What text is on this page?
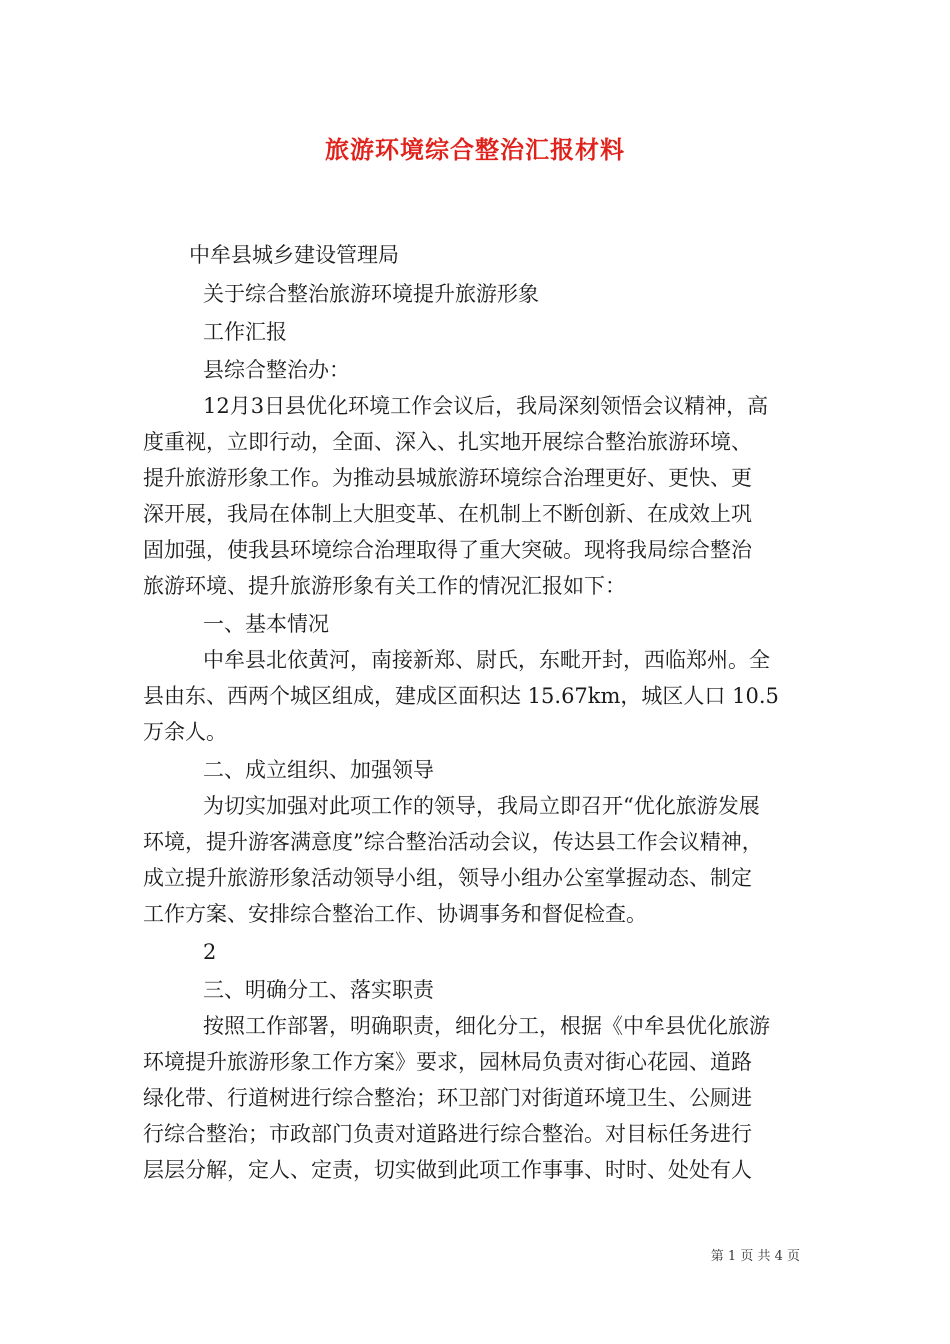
旅游环境综合整治汇报材料
中牟县城乡建设管理局
关于综合整治旅游环境提升旅游形象
工作汇报
县综合整治办：
12月3日县优化环境工作会议后，我局深刻领悟会议精神，高
度重视，立即行动，全面、深入、扎实地开展综合整治旅游环境、
提升旅游形象工作。为推动县城旅游环境综合治理更好、更快、更
深开展，我局在体制上大胆变革、在机制上不断创新、在成效上巩
固加强，使我县环境综合治理取得了重大突破。现将我局综合整治
旅游环境、提升旅游形象有关工作的情况汇报如下：
一、基本情况
中牟县北依黄河，南接新郑、尉氏，东毗开封，西临郑州。全
县由东、西两个城区组成，建成区面积达 15.67km，城区人口 10.5
万余人。
二、成立组织、加强领导
为切实加强对此项工作的领导，我局立即召开“优化旅游发展
环境，提升游客满意度”综合整治活动会议，传达县工作会议精神，
成立提升旅游形象活动领导小组，领导小组办公室掌握动态、制定
工作方案、安排综合整治工作、协调事务和督促检查。
2
三、明确分工、落实职责
按照工作部署，明确职责，细化分工，根据《中牟县优化旅游
环境提升旅游形象工作方案》要求，园林局负责对街心花园、道路
绿化带、行道树进行综合整治；环卫部门对街道环境卫生、公厕进
行综合整治；市政部门负责对道路进行综合整治。对目标任务进行
层层分解，定人、定责，切实做到此项工作事事、时时、处处有人
第 1 页 共 4 页
